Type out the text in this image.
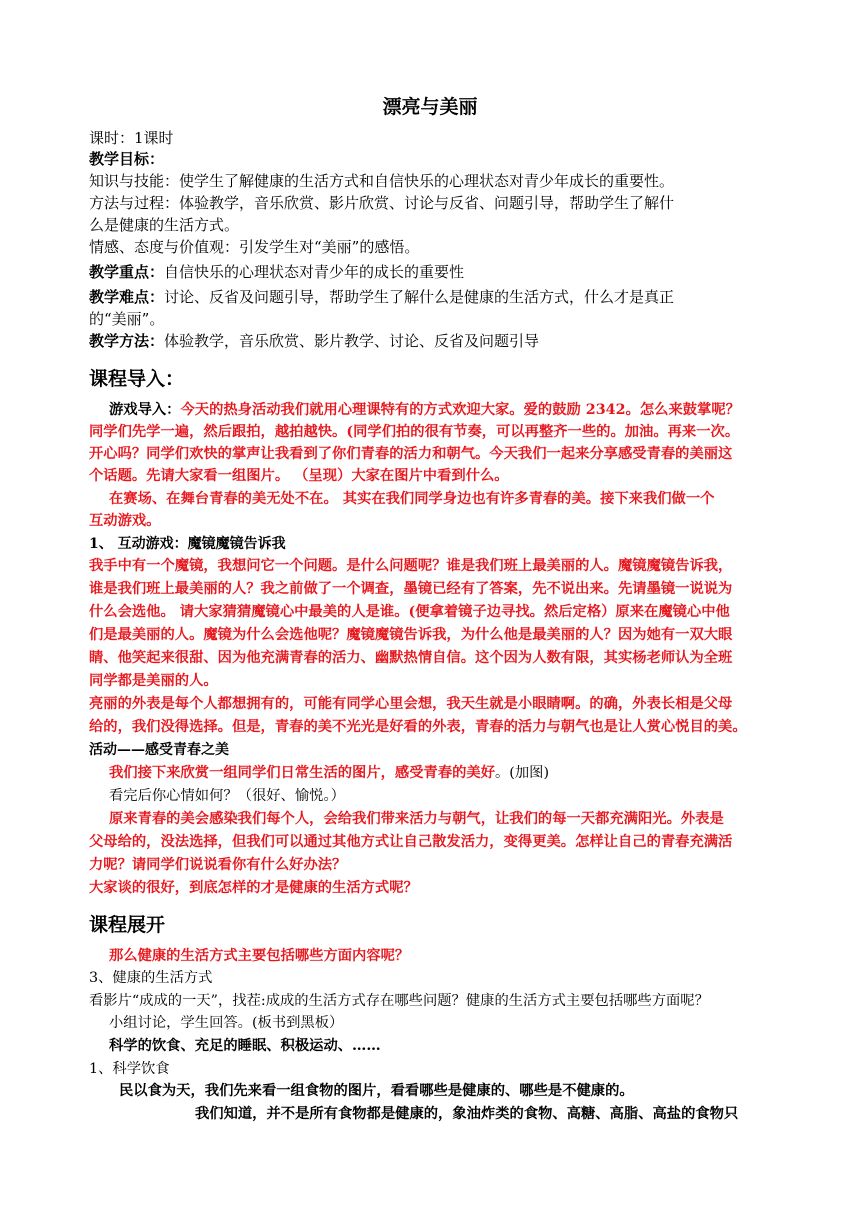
漂亮与美丽
课时：1课时
教学目标：
知识与技能：使学生了解健康的生活方式和自信快乐的心理状态对青少年成长的重要性。
方法与过程：体验教学，音乐欣赏、影片欣赏、讨论与反省、问题引导，帮助学生了解什
么是健康的生活方式。
情感、态度与价值观：引发学生对“美丽”的感悟。
教学重点：自信快乐的心理状态对青少年的成长的重要性
教学难点：讨论、反省及问题引导，帮助学生了解什么是健康的生活方式，什么才是真正
的“美丽”。
教学方法：体验教学，音乐欣赏、影片教学、讨论、反省及问题引导
课程导入：
游戏导入：今天的热身活动我们就用心理课特有的方式欢迎大家。爱的鼓励 2342。怎么来鼓掌呢？
同学们先学一遍，然后跟拍，越拍越快。(同学们拍的很有节奏，可以再整齐一些的。加油。再来一次。
开心吗？同学们欢快的掌声让我看到了你们青春的活力和朝气。今天我们一起来分享感受青春的美丽这
个话题。先请大家看一组图片。 （呈现）大家在图片中看到什么。
在赛场、在舞台青春的美无处不在。 其实在我们同学身边也有许多青春的美。接下来我们做一个
互动游戏。
1、 互动游戏：魔镜魔镜告诉我
我手中有一个魔镜，我想问它一个问题。是什么问题呢？谁是我们班上最美丽的人。魔镜魔镜告诉我，
谁是我们班上最美丽的人？我之前做了一个调查，墨镜已经有了答案，先不说出来。先请墨镜一说说为
什么会选他。 请大家猜猜魔镜心中最美的人是谁。(便拿着镜子边寻找。然后定格）原来在魔镜心中他
们是最美丽的人。魔镜为什么会选他呢？魔镜魔镜告诉我，为什么他是最美丽的人？因为她有一双大眼
睛、他笑起来很甜、因为他充满青春的活力、幽默热情自信。这个因为人数有限，其实杨老师认为全班
同学都是美丽的人。
亮丽的外表是每个人都想拥有的，可能有同学心里会想，我天生就是小眼睛啊。的确，外表长相是父母
给的，我们没得选择。但是，青春的美不光光是好看的外表，青春的活力与朝气也是让人赏心悦目的美。
活动——感受青春之美
我们接下来欣赏一组同学们日常生活的图片，感受青春的美好。(加图)
看完后你心情如何？（很好、愉悦。）
原来青春的美会感染我们每个人，会给我们带来活力与朝气，让我们的每一天都充满阳光。外表是
父母给的，没法选择，但我们可以通过其他方式让自己散发活力，变得更美。怎样让自己的青春充满活
力呢？请同学们说说看你有什么好办法？
大家谈的很好，到底怎样的才是健康的生活方式呢？
课程展开
那么健康的生活方式主要包括哪些方面内容呢？
3、健康的生活方式
看影片“成成的一天”，找茬:成成的生活方式存在哪些问题？健康的生活方式主要包括哪些方面呢？
小组讨论，学生回答。(板书到黑板）
科学的饮食、充足的睡眠、积极运动、……
1、科学饮食
民以食为天，我们先来看一组食物的图片，看看哪些是健康的、哪些是不健康的。
我们知道，并不是所有食物都是健康的，象油炸类的食物、高糖、高脂、高盐的食物只
